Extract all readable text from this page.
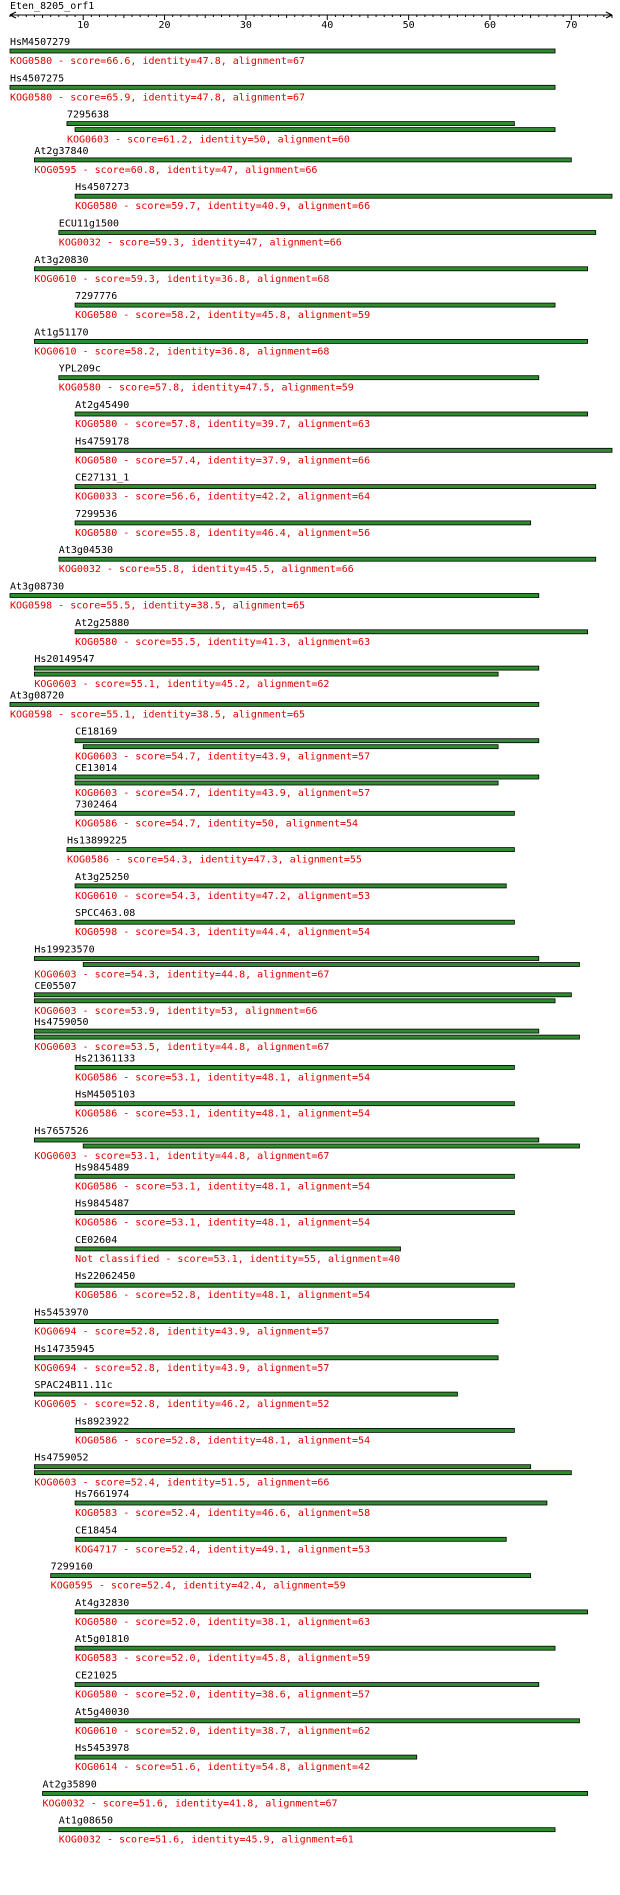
Eten_8205_orf1
10	20	30	40	50	60	70
HsM4507279
KOG0580 - score=66.6, identity=47.8, alignment=67
Hs4507275
KOG0580 - score=65.9, identity=47.8, alignment=67
7295638
KOG0603 - score=61.2, identity=50, alignment=60
At2g37840
KOG0595 - score=60.8, identity=47, alignment=66
Hs4507273
KOG0580 - score=59.7, identity=40.9, alignment=66
ECU11g1500
KOG0032 - score=59.3, identity=47, alignment=66
At3g20830
KOG0610 - score=59.3, identity=36.8, alignment=68
7297776
KOG0580 - score=58.2, identity=45.8, alignment=59
At1g51170
KOG0610 - score=58.2, identity=36.8, alignment=68
YPL209c
KOG0580 - score=57.8, identity=47.5, alignment=59
At2g45490
KOG0580 - score=57.8, identity=39.7, alignment=63
Hs4759178
KOG0580 - score=57.4, identity=37.9, alignment=66
CE27131_1
KOG0033 - score=56.6, identity=42.2, alignment=64
7299536
KOG0580 - score=55.8, identity=46.4, alignment=56
At3g04530
KOG0032 - score=55.8, identity=45.5, alignment=66
At3g08730
KOG0598 - score=55.5, identity=38.5, alignment=65
At2g25880
KOG0580 - score=55.5, identity=41.3, alignment=63
Hs20149547
KOG0603 - score=55.1, identity=45.2, alignment=62
At3g08720
KOG0598 - score=55.1, identity=38.5, alignment=65
CE18169
KOG0603 - score=54.7, identity=43.9, alignment=57
CE13014
KOG0603 - score=54.7, identity=43.9, alignment=57
7302464
KOG0586 - score=54.7, identity=50, alignment=54
Hs13899225
KOG0586 - score=54.3, identity=47.3, alignment=55
At3g25250
KOG0610 - score=54.3, identity=47.2, alignment=53
SPCC463.08
KOG0598 - score=54.3, identity=44.4, alignment=54
Hs19923570
KOG0603 - score=54.3, identity=44.8, alignment=67
CE05507
KOG0603 - score=53.9, identity=53, alignment=66
Hs4759050
KOG0603 - score=53.5, identity=44.8, alignment=67
Hs21361133
KOG0586 - score=53.1, identity=48.1, alignment=54
HsM4505103
KOG0586 - score=53.1, identity=48.1, alignment=54
Hs7657526
KOG0603 - score=53.1, identity=44.8, alignment=67
Hs9845489
KOG0586 - score=53.1, identity=48.1, alignment=54
Hs9845487
KOG0586 - score=53.1, identity=48.1, alignment=54
CE02604
Not classified - score=53.1, identity=55, alignment=40
Hs22062450
KOG0586 - score=52.8, identity=48.1, alignment=54
Hs5453970
KOG0694 - score=52.8, identity=43.9, alignment=57
Hs14735945
KOG0694 - score=52.8, identity=43.9, alignment=57
SPAC24B11.11c
KOG0605 - score=52.8, identity=46.2, alignment=52
Hs8923922
KOG0586 - score=52.8, identity=48.1, alignment=54
Hs4759052
KOG0603 - score=52.4, identity=51.5, alignment=66
Hs7661974
KOG0583 - score=52.4, identity=46.6, alignment=58
CE18454
KOG4717 - score=52.4, identity=49.1, alignment=53
7299160
KOG0595 - score=52.4, identity=42.4, alignment=59
At4g32830
KOG0580 - score=52.0, identity=38.1, alignment=63
At5g01810
KOG0583 - score=52.0, identity=45.8, alignment=59
CE21025
KOG0580 - score=52.0, identity=38.6, alignment=57
At5g40030
KOG0610 - score=52.0, identity=38.7, alignment=62
Hs5453978
KOG0614 - score=51.6, identity=54.8, alignment=42
At2g35890
KOG0032 - score=51.6, identity=41.8, alignment=67
At1g08650
KOG0032 - score=51.6, identity=45.9, alignment=61
